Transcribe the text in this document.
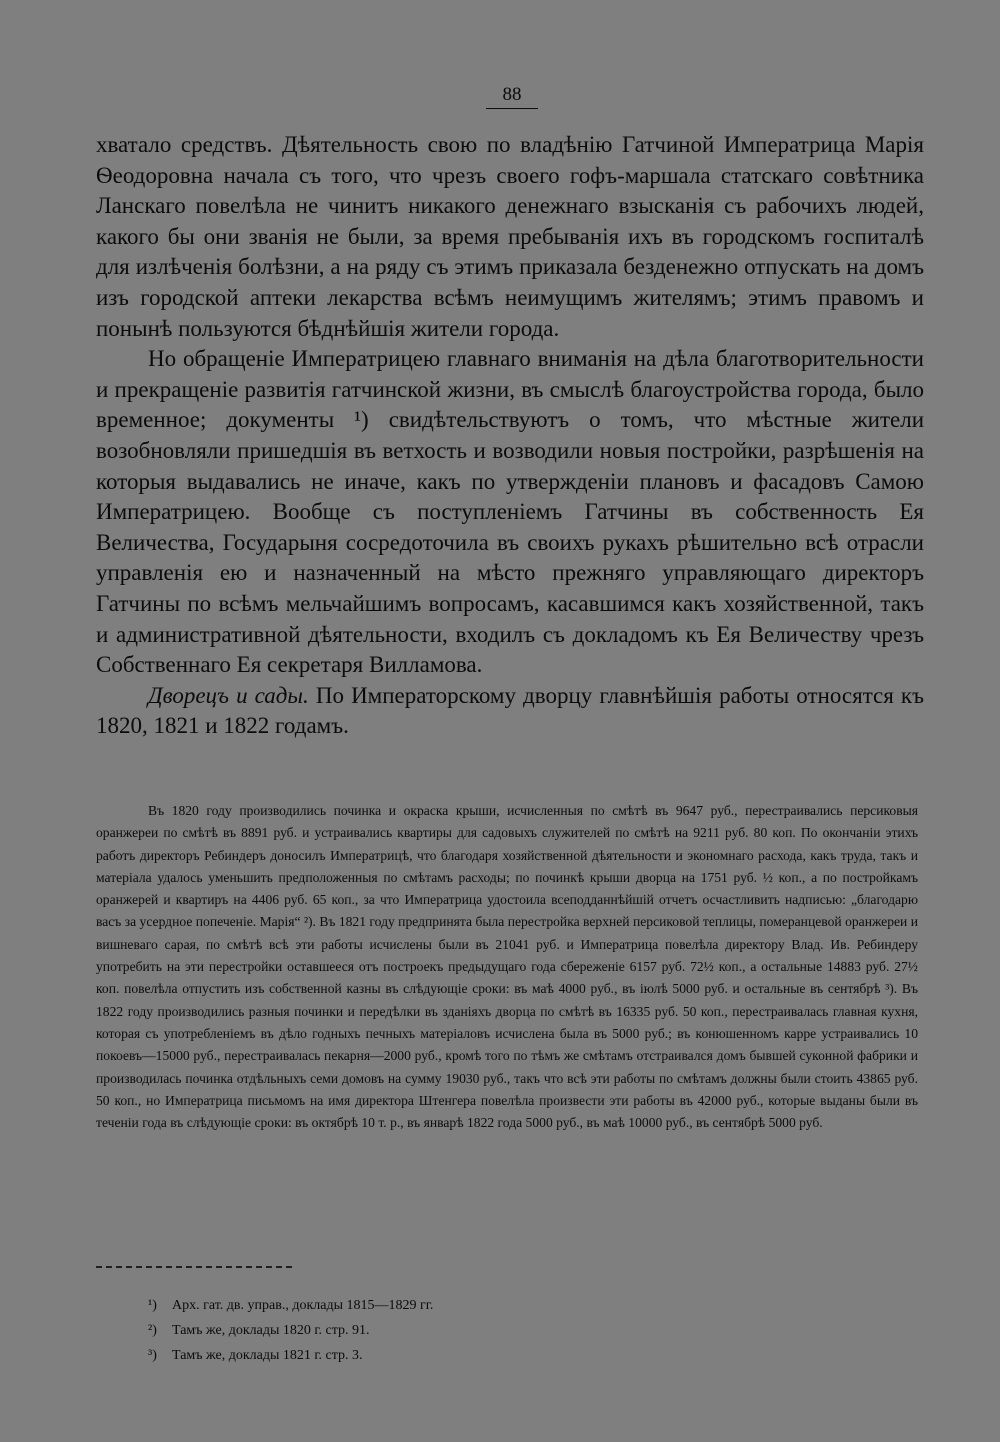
88

хватало средствъ. Дѣятельность свою по владѣнію Гатчиной Императрица Марія Ѳеодоровна начала съ того, что чрезъ своего гофъ-маршала статскаго совѣтника Ланскаго повелѣла не чинитъ никакого денежнаго взысканія съ рабочихъ людей, какого бы они званія не были, за время пребыванія ихъ въ городскомъ госпиталѣ для излѣченія болѣзни, а на ряду съ этимъ приказала безденежно отпускать на домъ изъ городской аптеки лекарства всѣмъ неимущимъ жителямъ; этимъ правомъ и понынѣ пользуются бѣднѣйшія жители города.

Но обращеніе Императрицею главнаго вниманія на дѣла благотворительности и прекращеніе развитія гатчинской жизни, въ смыслѣ благоустройства города, было временное; документы ¹) свидѣтельствуютъ о томъ, что мѣстные жители возобновляли пришедшія въ ветхость и возводили новыя постройки, разрѣшенія на которыя выдавались не иначе, какъ по утвержденіи плановъ и фасадовъ Самою Императрицею. Вообще съ поступленіемъ Гатчины въ собственность Ея Величества, Государыня сосредоточила въ своихъ рукахъ рѣшительно всѣ отрасли управленія ею и назначенный на мѣсто прежняго управляющаго директоръ Гатчины по всѣмъ мельчайшимъ вопросамъ, касавшимся какъ хозяйственной, такъ и административной дѣятельности, входилъ съ докладомъ къ Ея Величеству чрезъ Собственнаго Ея секретаря Вилламова.

Дворецъ и сады. По Императорскому дворцу главнѣйшія работы относятся къ 1820, 1821 и 1822 годамъ.

Въ 1820 году производились починка и окраска крыши, исчисленныя по смѣтѣ въ 9647 руб., перестраивались персиковыя оранжереи по смѣтѣ въ 8891 руб. и устраивались квартиры для садовыхъ служителей по смѣтѣ на 9211 руб. 80 коп. По окончаніи этихъ работъ директоръ Ребиндеръ доносилъ Императрицѣ, что благодаря хозяйственной дѣятельности и экономнаго расхода, какъ труда, такъ и матеріала удалось уменьшить предположенныя по смѣтамъ расходы; по починкѣ крыши дворца на 1751 руб. ½ коп., а по постройкамъ оранжерей и квартиръ на 4406 руб. 65 коп., за что Императрица удостоила всеподданнѣйшій отчетъ осчастливить надписью: „благодарю васъ за усердное попеченіе. Марія“ ²). Въ 1821 году предпринята была перестройка верхней персиковой теплицы, померанцевой оранжереи и вишневаго сарая, по смѣтѣ всѣ эти работы исчислены были въ 21041 руб. и Императрица повелѣла директору Влад. Ив. Ребиндеру употребить на эти перестройки оставшееся отъ построекъ предыдущаго года сбереженіе 6157 руб. 72½ коп., а остальные 14883 руб. 27½ коп. повелѣла отпустить изъ собственной казны въ слѣдующіе сроки: въ маѣ 4000 руб., въ іюлѣ 5000 руб. и остальные въ сентябрѣ ³). Въ 1822 году производились разныя починки и передѣлки въ зданіяхъ дворца по смѣтѣ въ 16335 руб. 50 коп., перестраивалась главная кухня, которая съ употребленіемъ въ дѣло годныхъ печныхъ матеріаловъ исчислена была въ 5000 руб.; въ конюшенномъ карре устраивались 10 покоевъ—15000 руб., перестраивалась пекарня—2000 руб., кромѣ того по тѣмъ же смѣтамъ отстраивался домъ бывшей суконной фабрики и производилась починка отдѣльныхъ семи домовъ на сумму 19030 руб., такъ что всѣ эти работы по смѣтамъ должны были стоить 43865 руб. 50 коп., но Императрица письмомъ на имя директора Штенгера повелѣла произвести эти работы въ 42000 руб., которые выданы были въ теченіи года въ слѣдующіе сроки: въ октябрѣ 10 т. р., въ январѣ 1822 года 5000 руб., въ маѣ 10000 руб., въ сентябрѣ 5000 руб.

¹)	Арх. гат. дв. управ., доклады 1815—1829 гг.
²)	Тамъ же, доклады 1820 г. стр. 91.
³)	Тамъ же, доклады 1821 г. стр. 3.
